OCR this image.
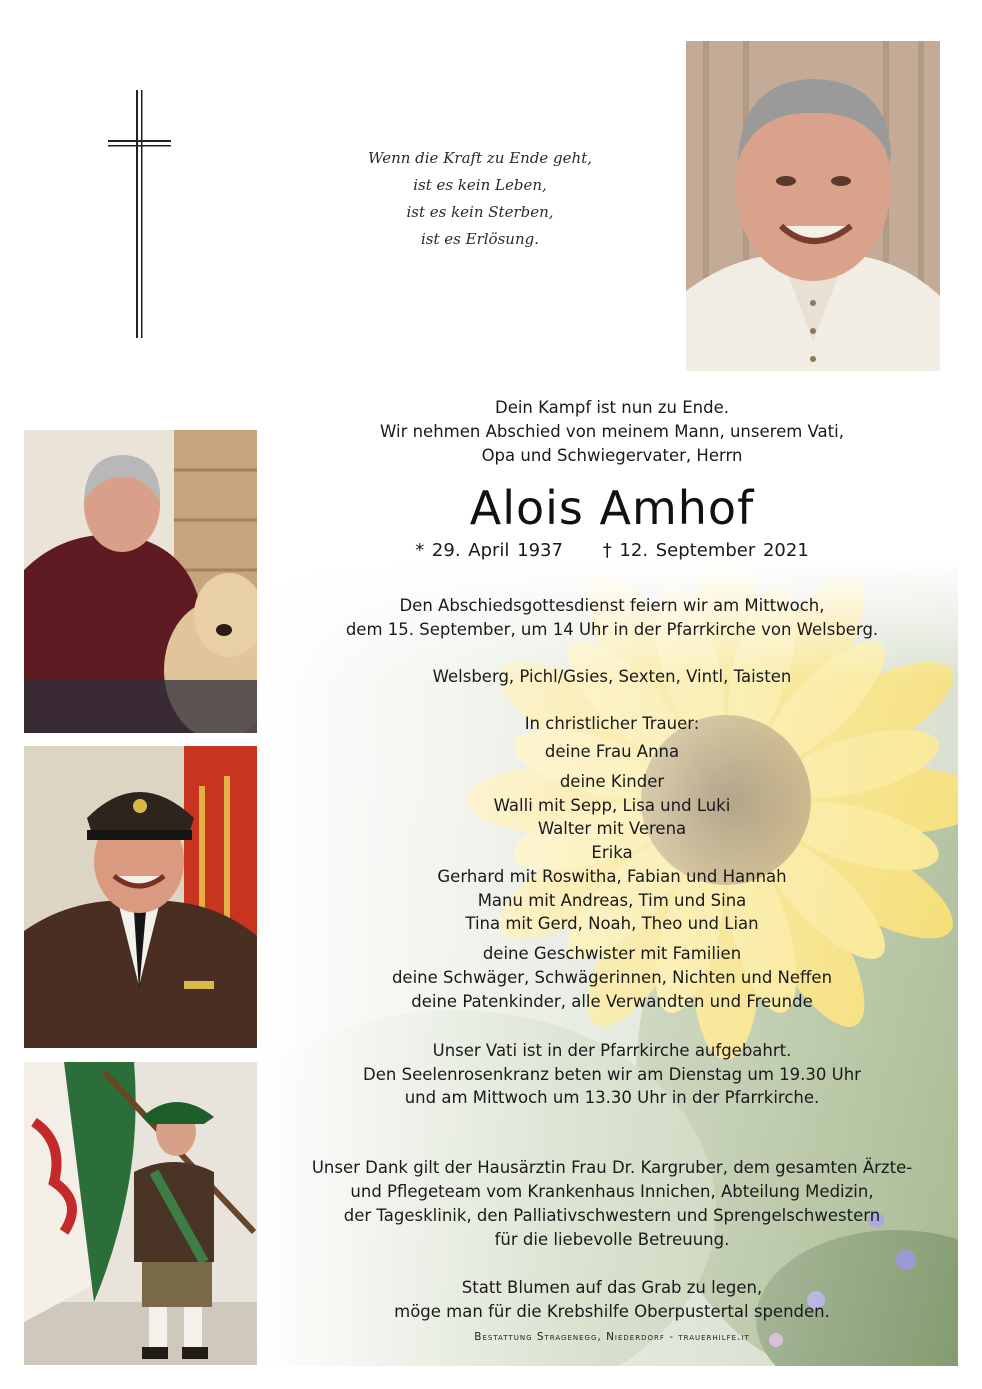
Wenn die Kraft zu Ende geht,
ist es kein Leben,
ist es kein Sterben,
ist es Erlösung.
Dein Kampf ist nun zu Ende.
Wir nehmen Abschied von meinem Mann, unserem Vati,
Opa und Schwiegervater, Herrn
Alois Amhof
* 29. April 1937 † 12. September 2021
Den Abschiedsgottesdienst feiern wir am Mittwoch,
dem 15. September, um 14 Uhr in der Pfarrkirche von Welsberg.
Welsberg, Pichl/Gsies, Sexten, Vintl, Taisten
In christlicher Trauer:
deine Frau Anna
deine Kinder
Walli mit Sepp, Lisa und Luki
Walter mit Verena
Erika
Gerhard mit Roswitha, Fabian und Hannah
Manu mit Andreas, Tim und Sina
Tina mit Gerd, Noah, Theo und Lian
deine Geschwister mit Familien
deine Schwäger, Schwägerinnen, Nichten und Neffen
deine Patenkinder, alle Verwandten und Freunde
Unser Vati ist in der Pfarrkirche aufgebahrt.
Den Seelenrosenkranz beten wir am Dienstag um 19.30 Uhr
und am Mittwoch um 13.30 Uhr in der Pfarrkirche.
Unser Dank gilt der Hausärztin Frau Dr. Kargruber, dem gesamten Ärzte-
und Pflegeteam vom Krankenhaus Innichen, Abteilung Medizin,
der Tagesklinik, den Palliativschwestern und Sprengelschwestern
für die liebevolle Betreuung.
Statt Blumen auf das Grab zu legen,
möge man für die Krebshilfe Oberpustertal spenden.
Bestattung Stragenegg, Niederdorf - trauerhilfe.it
